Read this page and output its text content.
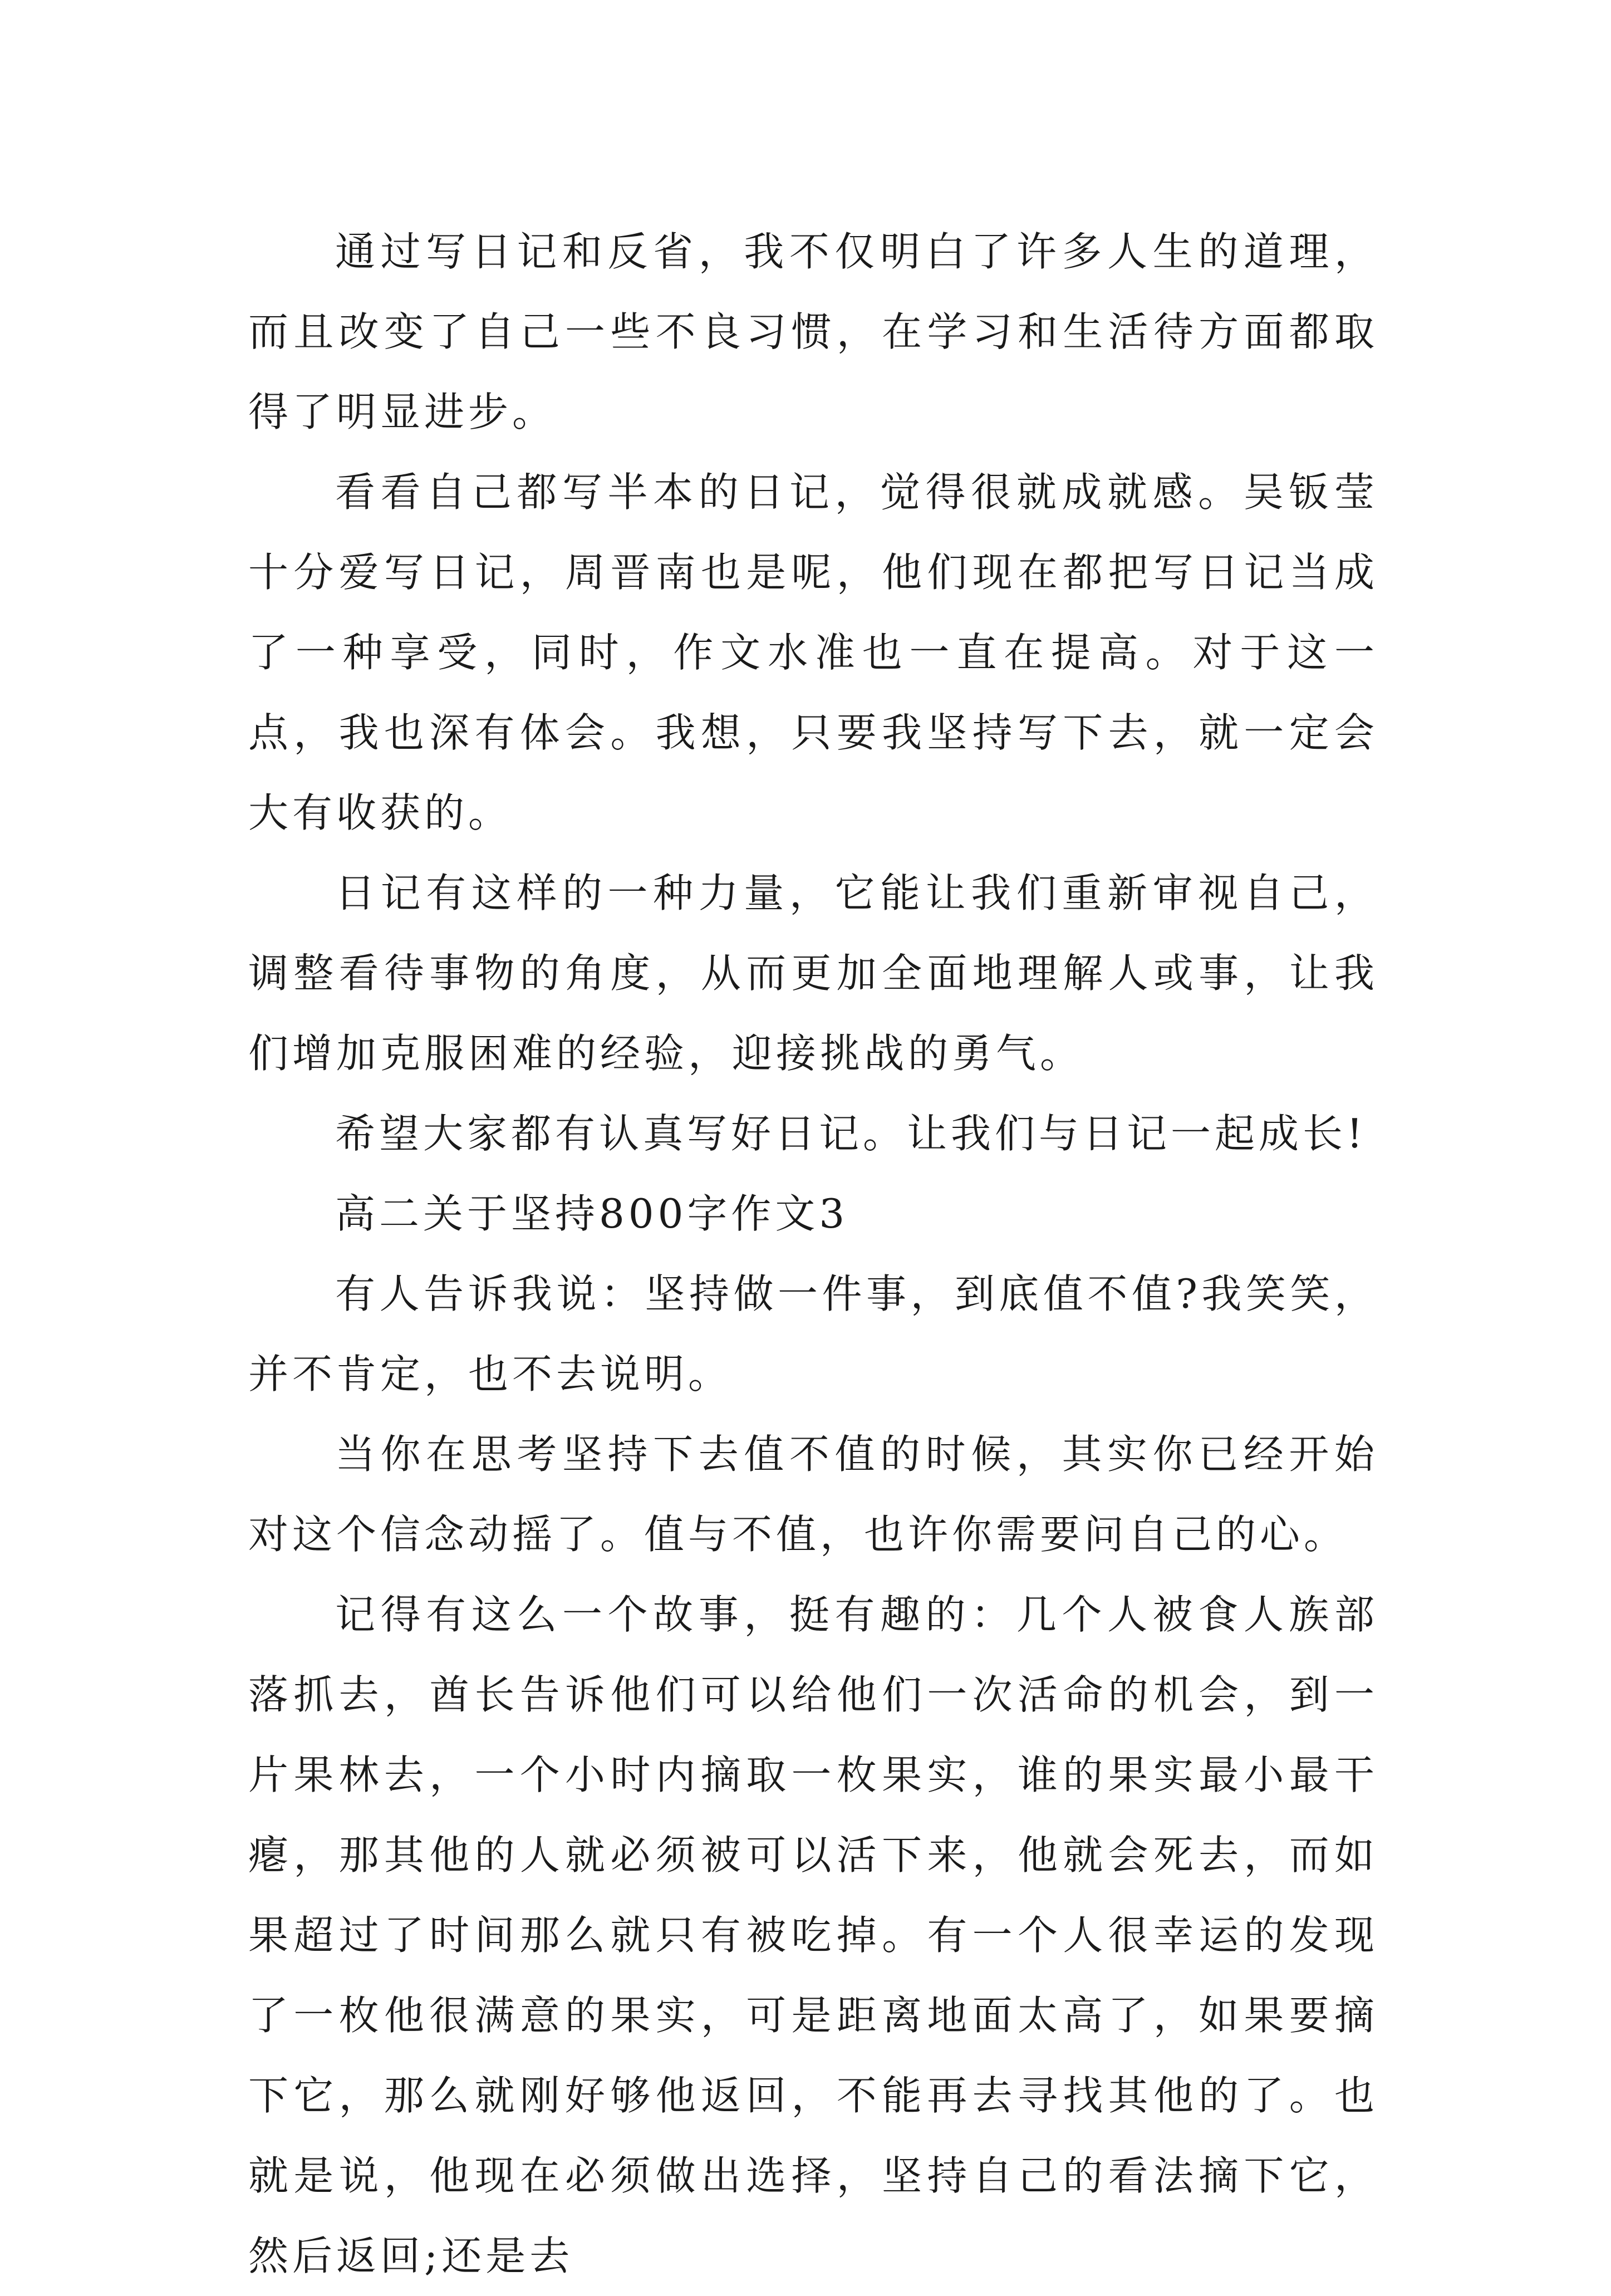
通过写日记和反省，我不仅明白了许多人生的道理，而且改变了自己一些不良习惯，在学习和生活待方面都取得了明显进步。

看看自己都写半本的日记，觉得很就成就感。吴钣莹十分爱写日记，周晋南也是呢，他们现在都把写日记当成了一种享受，同时，作文水准也一直在提高。对于这一点，我也深有体会。我想，只要我坚持写下去，就一定会大有收获的。

日记有这样的一种力量，它能让我们重新审视自己，调整看待事物的角度，从而更加全面地理解人或事，让我们增加克服困难的经验，迎接挑战的勇气。

希望大家都有认真写好日记。让我们与日记一起成长!

高二关于坚持800字作文3

有人告诉我说：坚持做一件事，到底值不值?我笑笑，并不肯定，也不去说明。

当你在思考坚持下去值不值的时候，其实你已经开始对这个信念动摇了。值与不值，也许你需要问自己的心。

记得有这么一个故事，挺有趣的：几个人被食人族部落抓去，酋长告诉他们可以给他们一次活命的机会，到一片果林去，一个小时内摘取一枚果实，谁的果实最小最干瘪，那其他的人就必须被可以活下来，他就会死去，而如果超过了时间那么就只有被吃掉。有一个人很幸运的发现了一枚他很满意的果实，可是距离地面太高了，如果要摘下它，那么就刚好够他返回，不能再去寻找其他的了。也就是说，他现在必须做出选择，坚持自己的看法摘下它，然后返回;还是去
